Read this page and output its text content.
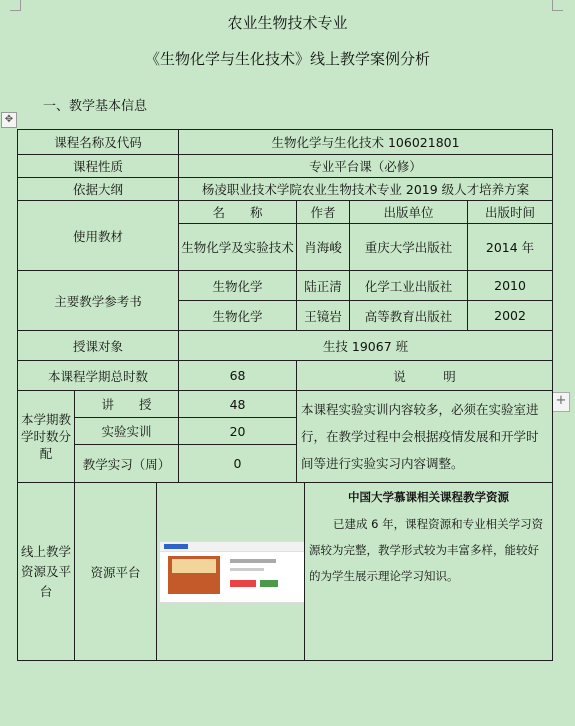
农业生物技术专业
《生物化学与生化技术》线上教学案例分析
一、教学基本信息
✥
+
课程名称及代码			生物化学与生化技术 106021801				
课程性质			专业平台课（必修）				
依据大纲			杨凌职业技术学院农业生物技术专业 2019 级人才培养方案				
使用教材			名　　称	作者		出版单位	出版时间
			生物化学及实验技术	肖海峻		重庆大学出版社	2014 年
主要教学参考书			生物化学	陆正清		化学工业出版社	2010
			生物化学	王镜岩		高等教育出版社	2002
授课对象			生技 19067 班				
本课程学期总时数			68	说　　　明			
本学期教学时数分配	讲　　授		48	本课程实验实训内容较多，必须在实验室进行，在教学过程中会根据疫情发展和开学时间等进行实验实习内容调整。			
	实验实训		20				
	教学实习（周）		0				
线上教学资源及平台	资源平台				中国大学慕课相关课程教学资源
已建成 6 年，课程资源和专业相关学习资源较为完整，教学形式较为丰富多样，能较好的为学生展示理论学习知识。		
